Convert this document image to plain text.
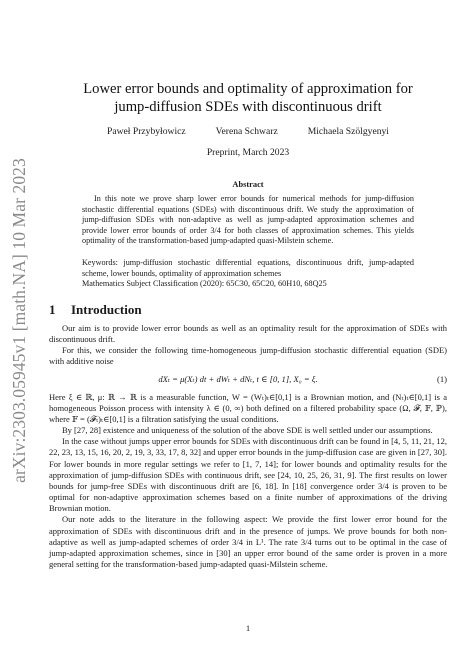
arXiv:2303.05945v1 [math.NA] 10 Mar 2023
Lower error bounds and optimality of approximation for
jump-diffusion SDEs with discontinuous drift
Paweł Przybyłowicz	Verena Schwarz	Michaela Szölgyenyi
Preprint, March 2023
Abstract

In this note we prove sharp lower error bounds for numerical methods for jump-diffusion stochastic differential equations (SDEs) with discontinuous drift. We study the approximation of jump-diffusion SDEs with non-adaptive as well as jump-adapted approximation schemes and provide lower error bounds of order 3/4 for both classes of approximation schemes. This yields optimality of the transformation-based jump-adapted quasi-Milstein scheme.

Keywords: jump-diffusion stochastic differential equations, discontinuous drift, jump-adapted scheme, lower bounds, optimality of approximation schemes

Mathematics Subject Classification (2020): 65C30, 65C20, 60H10, 68Q25

1 Introduction

Our aim is to provide lower error bounds as well as an optimality result for the approximation of SDEs with discontinuous drift.

For this, we consider the following time-homogeneous jump-diffusion stochastic differential equation (SDE) with additive noise

dXₜ = μ(Xₜ) dt + dWₜ + dNₜ, t ∈ [0, 1], X₀ = ξ.	(1)

Here ξ ∈ ℝ, μ: ℝ → ℝ is a measurable function, W = (Wₜ)ₜ∈[0,1] is a Brownian motion, and (Nₜ)ₜ∈[0,1] is a homogeneous Poisson process with intensity λ ∈ (0, ∞) both defined on a filtered probability space (Ω, 𝓕, 𝔽, ℙ), where 𝔽 = (𝓕ₜ)ₜ∈[0,1] is a filtration satisfying the usual conditions.

By [27, 28] existence and uniqueness of the solution of the above SDE is well settled under our assumptions.

In the case without jumps upper error bounds for SDEs with discontinuous drift can be found in [4, 5, 11, 21, 12, 22, 23, 13, 15, 16, 20, 2, 19, 3, 33, 17, 8, 32] and upper error bounds in the jump-diffusion case are given in [27, 30]. For lower bounds in more regular settings we refer to [1, 7, 14]; for lower bounds and optimality results for the approximation of jump-diffusion SDEs with continuous drift, see [24, 10, 25, 26, 31, 9]. The first results on lower bounds for jump-free SDEs with discontinuous drift are [6, 18]. In [18] convergence order 3/4 is proven to be optimal for non-adaptive approximation schemes based on a finite number of approximations of the driving Brownian motion.

Our note adds to the literature in the following aspect: We provide the first lower error bound for the approximation of SDEs with discontinuous drift and in the presence of jumps. We prove bounds for both non-adaptive as well as jump-adapted schemes of order 3/4 in L¹. The rate 3/4 turns out to be optimal in the case of jump-adapted approximation schemes, since in [30] an upper error bound of the same order is proven in a more general setting for the transformation-based jump-adapted quasi-Milstein scheme.

1
